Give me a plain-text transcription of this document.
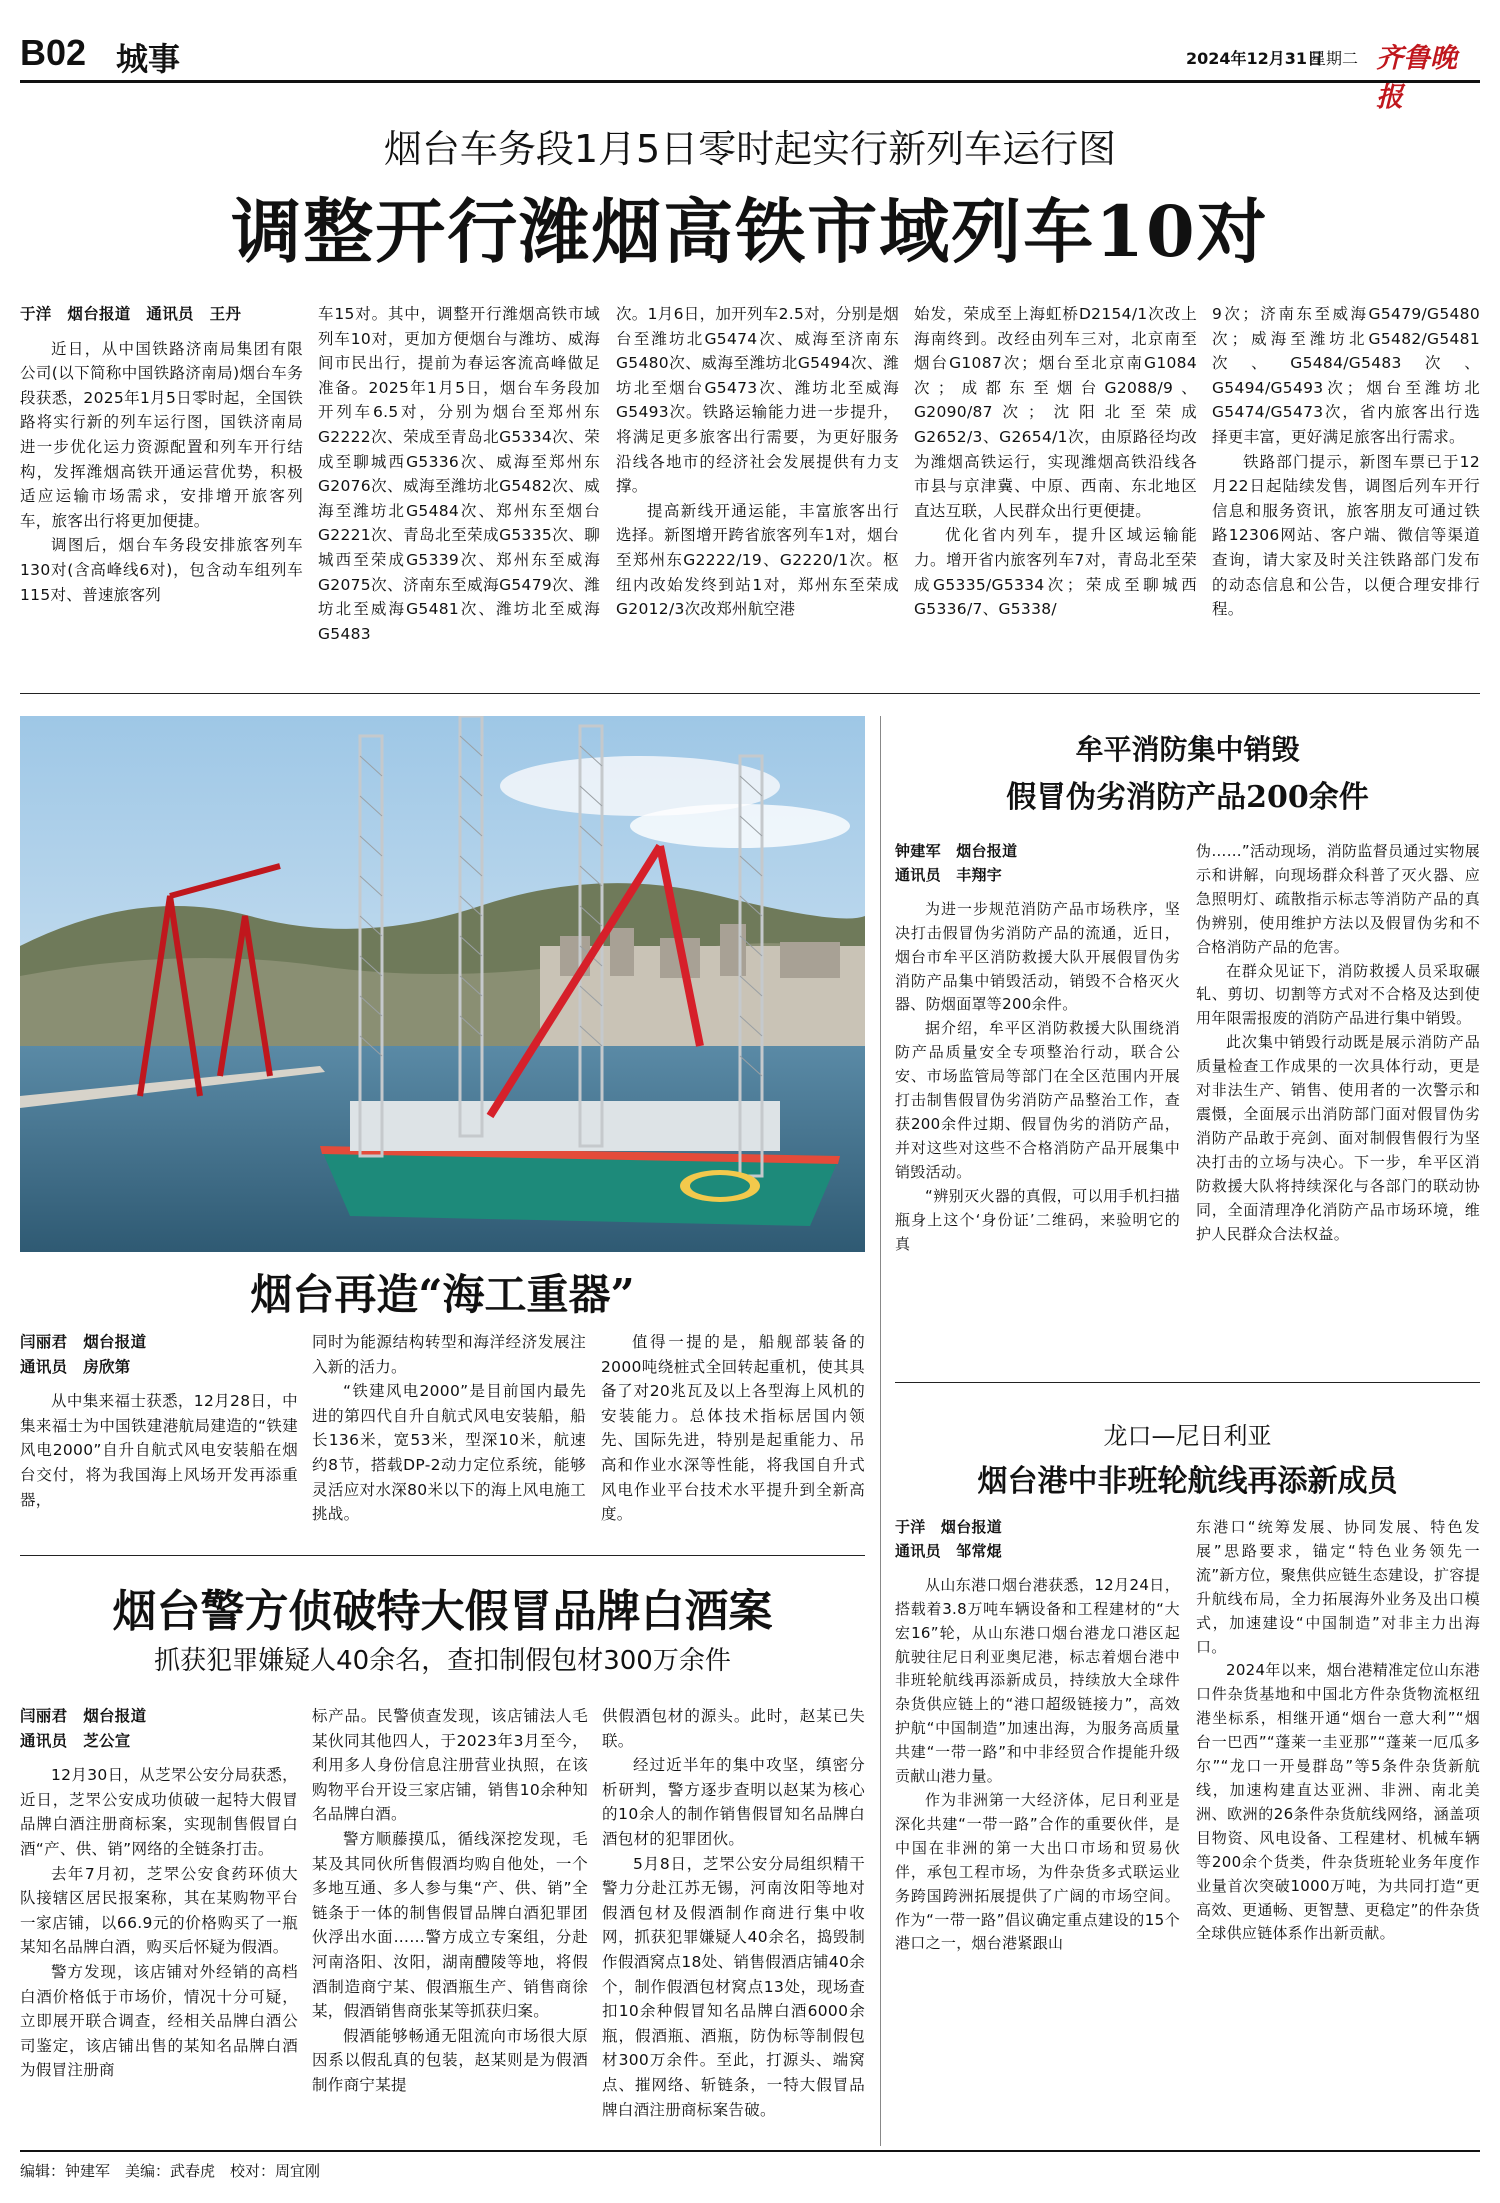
B02 城事	2024年12月31日
星期二 齐鲁晚报
烟台车务段1月5日零时起实行新列车运行图
调整开行潍烟高铁市域列车10对

于洋　烟台报道　通讯员　王丹

近日，从中国铁路济南局集团有限公司(以下简称中国铁路济南局)烟台车务段获悉，2025年1月5日零时起，全国铁路将实行新的列车运行图，国铁济南局进一步优化运力资源配置和列车开行结构，发挥潍烟高铁开通运营优势，积极适应运输市场需求，安排增开旅客列车，旅客出行将更加便捷。

调图后，烟台车务段安排旅客列车130对(含高峰线6对)，包含动车组列车115对、普速旅客列

车15对。其中，调整开行潍烟高铁市域列车10对，更加方便烟台与潍坊、威海间市民出行，提前为春运客流高峰做足准备。2025年1月5日，烟台车务段加开列车6.5对，分别为烟台至郑州东G2222次、荣成至青岛北G5334次、荣成至聊城西G5336次、威海至郑州东G2076次、威海至潍坊北G5482次、威海至潍坊北G5484次、郑州东至烟台G2221次、青岛北至荣成G5335次、聊城西至荣成G5339次、郑州东至威海G2075次、济南东至威海G5479次、潍坊北至威海G5481次、潍坊北至威海G5483

次。1月6日，加开列车2.5对，分别是烟台至潍坊北G5474次、威海至济南东G5480次、威海至潍坊北G5494次、潍坊北至烟台G5473次、潍坊北至威海G5493次。铁路运输能力进一步提升，将满足更多旅客出行需要，为更好服务沿线各地市的经济社会发展提供有力支撑。

提高新线开通运能，丰富旅客出行选择。新图增开跨省旅客列车1对，烟台至郑州东G2222/19、G2220/1次。枢纽内改始发终到站1对，郑州东至荣成G2012/3次改郑州航空港

始发，荣成至上海虹桥D2154/1次改上海南终到。改经由列车三对，北京南至烟台G1087次；烟台至北京南G1084次；成都东至烟台G2088/9、G2090/87次；沈阳北至荣成G2652/3、G2654/1次，由原路径均改为潍烟高铁运行，实现潍烟高铁沿线各市县与京津冀、中原、西南、东北地区直达互联，人民群众出行更便捷。

优化省内列车，提升区域运输能力。增开省内旅客列车7对，青岛北至荣成G5335/G5334次；荣成至聊城西G5336/7、G5338/

9次；济南东至威海G5479/G5480次；威海至潍坊北G5482/G5481次、G5484/G5483次、G5494/G5493次；烟台至潍坊北G5474/G5473次，省内旅客出行选择更丰富，更好满足旅客出行需求。

铁路部门提示，新图车票已于12月22日起陆续发售，调图后列车开行信息和服务资讯，旅客朋友可通过铁路12306网站、客户端、微信等渠道查询，请大家及时关注铁路部门发布的动态信息和公告，以便合理安排行程。

烟台再造“海工重器”

闫丽君　烟台报道

通讯员　房欣第

从中集来福士获悉，12月28日，中集来福士为中国铁建港航局建造的“铁建风电2000”自升自航式风电安装船在烟台交付，将为我国海上风场开发再添重器，

同时为能源结构转型和海洋经济发展注入新的活力。

“铁建风电2000”是目前国内最先进的第四代自升自航式风电安装船，船长136米，宽53米，型深10米，航速约8节，搭载DP-2动力定位系统，能够灵活应对水深80米以下的海上风电施工挑战。

值得一提的是，船舰部装备的2000吨绕桩式全回转起重机，使其具备了对20兆瓦及以上各型海上风机的安装能力。总体技术指标居国内领先、国际先进，特别是起重能力、吊高和作业水深等性能，将我国自升式风电作业平台技术水平提升到全新高度。

烟台警方侦破特大假冒品牌白酒案
抓获犯罪嫌疑人40余名，查扣制假包材300万余件

闫丽君　烟台报道

通讯员　芝公宣

12月30日，从芝罘公安分局获悉，近日，芝罘公安成功侦破一起特大假冒品牌白酒注册商标案，实现制售假冒白酒“产、供、销”网络的全链条打击。

去年7月初，芝罘公安食药环侦大队接辖区居民报案称，其在某购物平台一家店铺，以66.9元的价格购买了一瓶某知名品牌白酒，购买后怀疑为假酒。

警方发现，该店铺对外经销的高档白酒价格低于市场价，情况十分可疑，立即展开联合调查，经相关品牌白酒公司鉴定，该店铺出售的某知名品牌白酒为假冒注册商

标产品。民警侦查发现，该店铺法人毛某伙同其他四人，于2023年3月至今，利用多人身份信息注册营业执照，在该购物平台开设三家店铺，销售10余种知名品牌白酒。

警方顺藤摸瓜，循线深挖发现，毛某及其同伙所售假酒均购自他处，一个多地互通、多人参与集“产、供、销”全链条于一体的制售假冒品牌白酒犯罪团伙浮出水面……警方成立专案组，分赴河南洛阳、汝阳，湖南醴陵等地，将假酒制造商宁某、假酒瓶生产、销售商徐某，假酒销售商张某等抓获归案。

假酒能够畅通无阻流向市场很大原因系以假乱真的包装，赵某则是为假酒制作商宁某提

供假酒包材的源头。此时，赵某已失联。

经过近半年的集中攻坚，缜密分析研判，警方逐步查明以赵某为核心的10余人的制作销售假冒知名品牌白酒包材的犯罪团伙。

5月8日，芝罘公安分局组织精干警力分赴江苏无锡，河南汝阳等地对假酒包材及假酒制作商进行集中收网，抓获犯罪嫌疑人40余名，捣毁制作假酒窝点18处、销售假酒店铺40余个，制作假酒包材窝点13处，现场查扣10余种假冒知名品牌白酒6000余瓶，假酒瓶、酒瓶，防伪标等制假包材300万余件。至此，打源头、端窝点、摧网络、斩链条，一特大假冒品牌白酒注册商标案告破。

牟平消防集中销毁
假冒伪劣消防产品200余件

钟建军　烟台报道

通讯员　丰翔宇

为进一步规范消防产品市场秩序，坚决打击假冒伪劣消防产品的流通，近日，烟台市牟平区消防救援大队开展假冒伪劣消防产品集中销毁活动，销毁不合格灭火器、防烟面罩等200余件。

据介绍，牟平区消防救援大队围绕消防产品质量安全专项整治行动，联合公安、市场监管局等部门在全区范围内开展打击制售假冒伪劣消防产品整治工作，查获200余件过期、假冒伪劣的消防产品，并对这些对这些不合格消防产品开展集中销毁活动。

“辨别灭火器的真假，可以用手机扫描瓶身上这个‘身份证’二维码，来验明它的真

伪……”活动现场，消防监督员通过实物展示和讲解，向现场群众科普了灭火器、应急照明灯、疏散指示标志等消防产品的真伪辨别，使用维护方法以及假冒伪劣和不合格消防产品的危害。

在群众见证下，消防救援人员采取碾轧、剪切、切割等方式对不合格及达到使用年限需报废的消防产品进行集中销毁。

此次集中销毁行动既是展示消防产品质量检查工作成果的一次具体行动，更是对非法生产、销售、使用者的一次警示和震慑，全面展示出消防部门面对假冒伪劣消防产品敢于亮剑、面对制假售假行为坚决打击的立场与决心。下一步，牟平区消防救援大队将持续深化与各部门的联动协同，全面清理净化消防产品市场环境，维护人民群众合法权益。

龙口—尼日利亚
烟台港中非班轮航线再添新成员

于洋　烟台报道

通讯员　邹常焜

从山东港口烟台港获悉，12月24日，搭载着3.8万吨车辆设备和工程建材的“大宏16”轮，从山东港口烟台港龙口港区起航驶往尼日利亚奥尼港，标志着烟台港中非班轮航线再添新成员，持续放大全球件杂货供应链上的“港口超级链接力”，高效护航“中国制造”加速出海，为服务高质量共建“一带一路”和中非经贸合作提能升级贡献山港力量。

作为非洲第一大经济体，尼日利亚是深化共建“一带一路”合作的重要伙伴，是中国在非洲的第一大出口市场和贸易伙伴，承包工程市场，为件杂货多式联运业务跨国跨洲拓展提供了广阔的市场空间。作为“一带一路”倡议确定重点建设的15个港口之一，烟台港紧跟山

东港口“统筹发展、协同发展、特色发展”思路要求，锚定“特色业务领先一流”新方位，聚焦供应链生态建设，扩容提升航线布局，全力拓展海外业务及出口模式，加速建设“中国制造”对非主力出海口。

2024年以来，烟台港精准定位山东港口件杂货基地和中国北方件杂货物流枢纽港坐标系，相继开通“烟台一意大利”“烟台一巴西”“蓬莱一圭亚那”“蓬莱一厄瓜多尔”“龙口一开曼群岛”等5条件杂货新航线，加速构建直达亚洲、非洲、南北美洲、欧洲的26条件杂货航线网络，涵盖项目物资、风电设备、工程建材、机械车辆等200余个货类，件杂货班轮业务年度作业量首次突破1000万吨，为共同打造“更高效、更通畅、更智慧、更稳定”的件杂货全球供应链体系作出新贡献。

编辑：钟建军　美编：武春虎　校对：周宜刚
